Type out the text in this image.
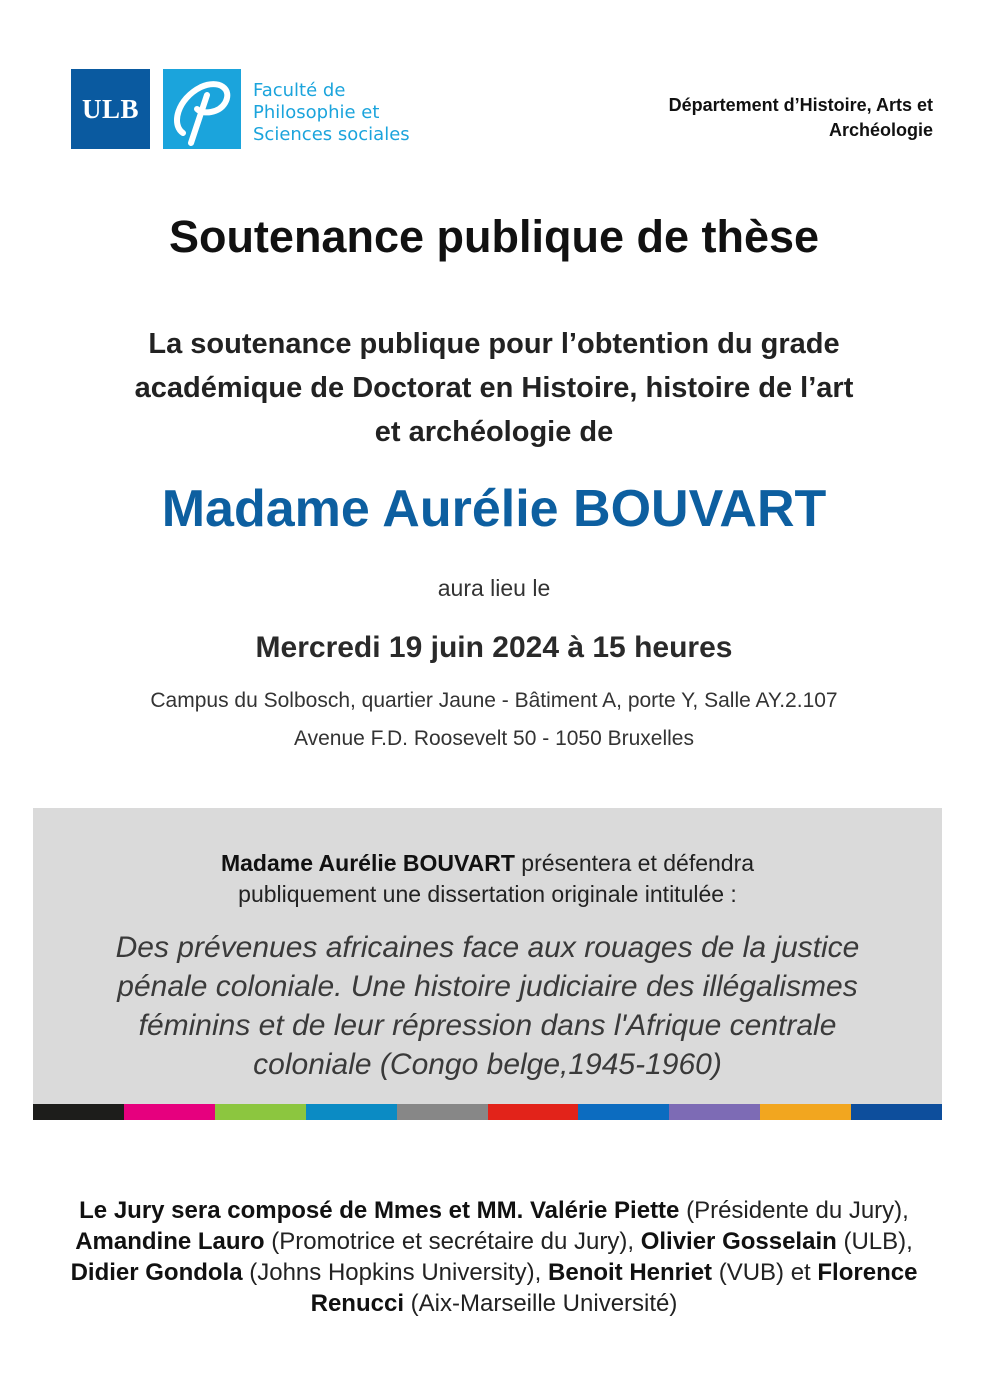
ULB
Faculté de
Philosophie et
Sciences sociales
Département d’Histoire, Arts et
Archéologie
Soutenance publique de thèse
La soutenance publique pour l’obtention du grade
académique de Doctorat en Histoire, histoire de l’art
et archéologie de
Madame Aurélie BOUVART
aura lieu le
Mercredi 19 juin 2024 à 15 heures
Campus du Solbosch, quartier Jaune - Bâtiment A, porte Y, Salle AY.2.107
Avenue F.D. Roosevelt 50 - 1050 Bruxelles
Madame Aurélie BOUVART présentera et défendra
publiquement une dissertation originale intitulée :
Des prévenues africaines face aux rouages de la justice
pénale coloniale. Une histoire judiciaire des illégalismes
féminins et de leur répression dans l'Afrique centrale
coloniale (Congo belge,1945-1960)
Le Jury sera composé de Mmes et MM. Valérie Piette (Présidente du Jury), Amandine Lauro (Promotrice et secrétaire du Jury), Olivier Gosselain (ULB), Didier Gondola (Johns Hopkins University), Benoit Henriet (VUB) et Florence Renucci (Aix-Marseille Université)
